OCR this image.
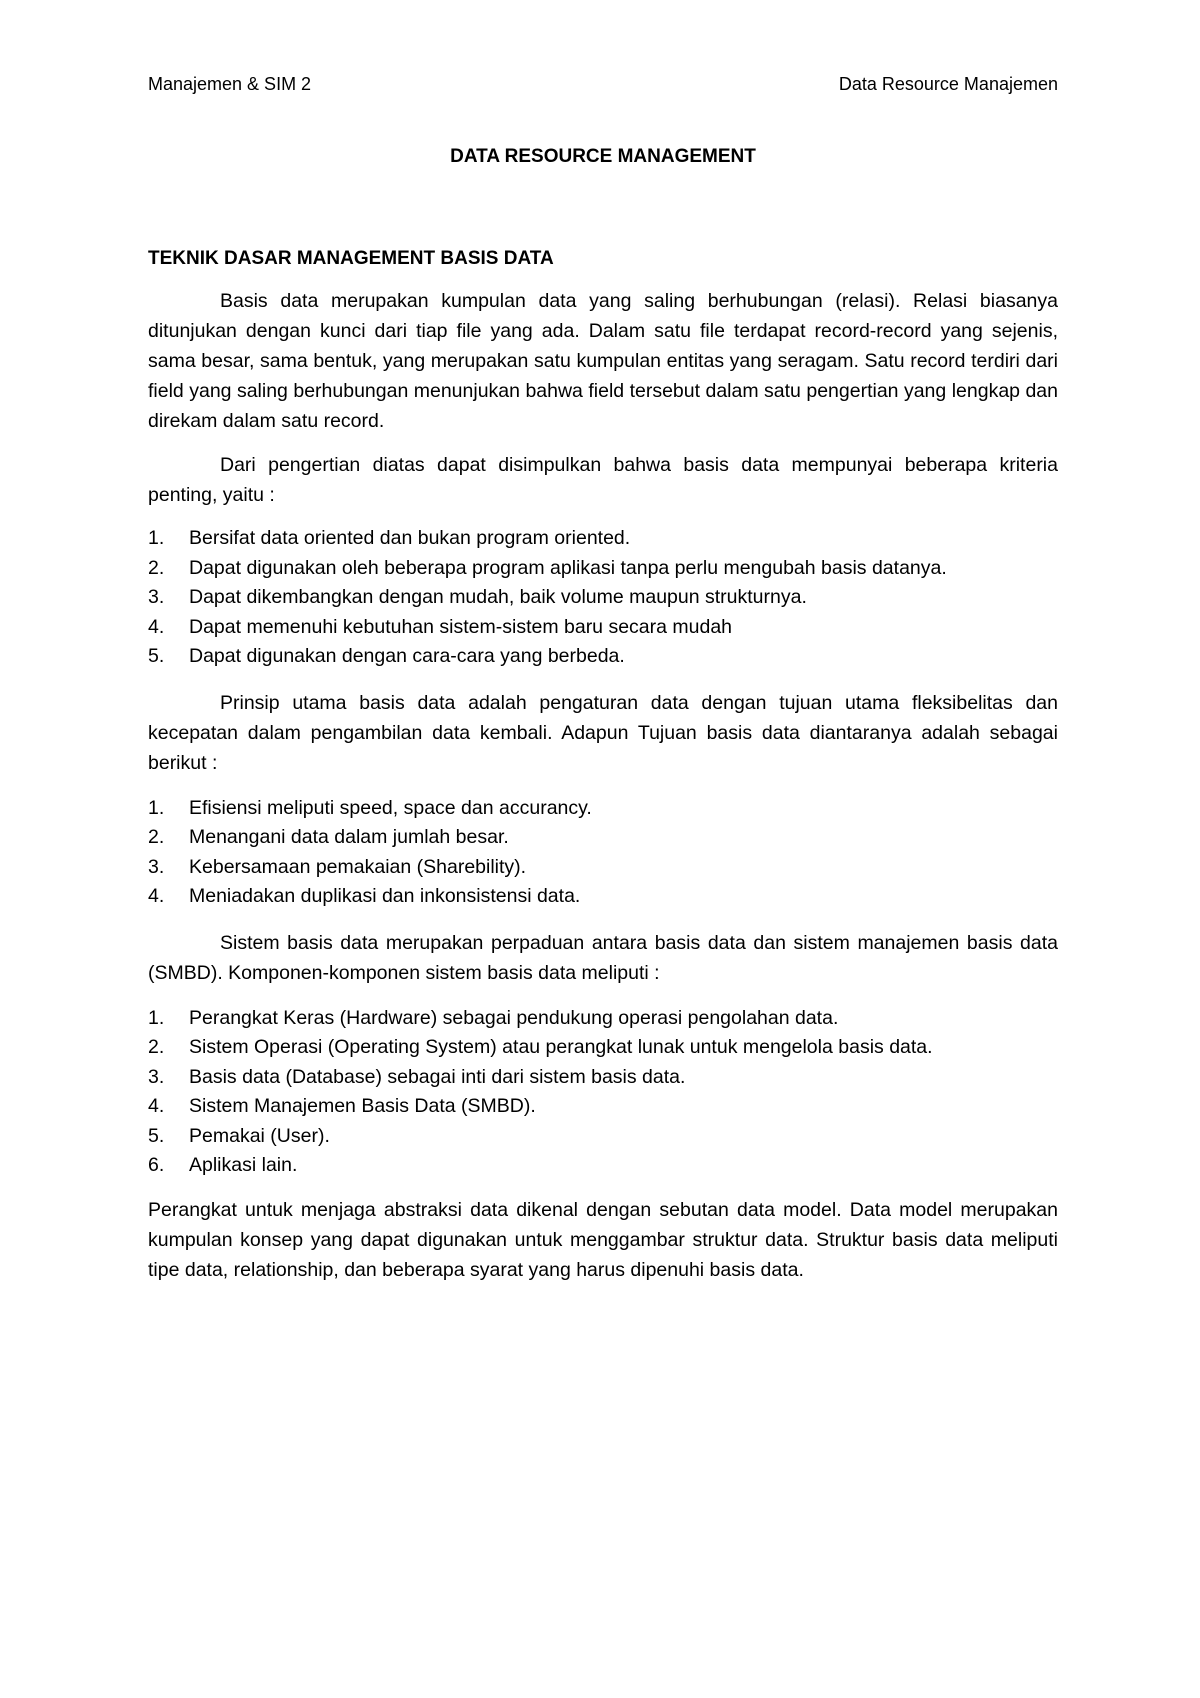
Manajemen & SIM 2	Data Resource Manajemen
DATA RESOURCE MANAGEMENT
TEKNIK DASAR MANAGEMENT BASIS DATA

Basis data merupakan kumpulan data yang saling berhubungan (relasi). Relasi biasanya ditunjukan dengan kunci dari tiap file yang ada. Dalam satu file terdapat record-record yang sejenis, sama besar, sama bentuk, yang merupakan satu kumpulan entitas yang seragam. Satu record terdiri dari field yang saling berhubungan menunjukan bahwa field tersebut dalam satu pengertian yang lengkap dan direkam dalam satu record.

Dari pengertian diatas dapat disimpulkan bahwa basis data mempunyai beberapa kriteria penting, yaitu :

1. Bersifat data oriented dan bukan program oriented.
2. Dapat digunakan oleh beberapa program aplikasi tanpa perlu mengubah basis datanya.
3. Dapat dikembangkan dengan mudah, baik volume maupun strukturnya.
4. Dapat memenuhi kebutuhan sistem-sistem baru secara mudah
5. Dapat digunakan dengan cara-cara yang berbeda.

Prinsip utama basis data adalah pengaturan data dengan tujuan utama fleksibelitas dan kecepatan dalam pengambilan data kembali. Adapun Tujuan basis data diantaranya adalah sebagai berikut :

1. Efisiensi meliputi speed, space dan accurancy.
2. Menangani data dalam jumlah besar.
3. Kebersamaan pemakaian (Sharebility).
4. Meniadakan duplikasi dan inkonsistensi data.

Sistem basis data merupakan perpaduan antara basis data dan sistem manajemen basis data (SMBD). Komponen-komponen sistem basis data meliputi :

1. Perangkat Keras (Hardware) sebagai pendukung operasi pengolahan data.
2. Sistem Operasi (Operating System) atau perangkat lunak untuk mengelola basis data.
3. Basis data (Database) sebagai inti dari sistem basis data.
4. Sistem Manajemen Basis Data (SMBD).
5. Pemakai (User).
6. Aplikasi lain.

Perangkat untuk menjaga abstraksi data dikenal dengan sebutan data model. Data model merupakan kumpulan konsep yang dapat digunakan untuk menggambar struktur data. Struktur basis data meliputi tipe data, relationship, dan beberapa syarat yang harus dipenuhi basis data.
